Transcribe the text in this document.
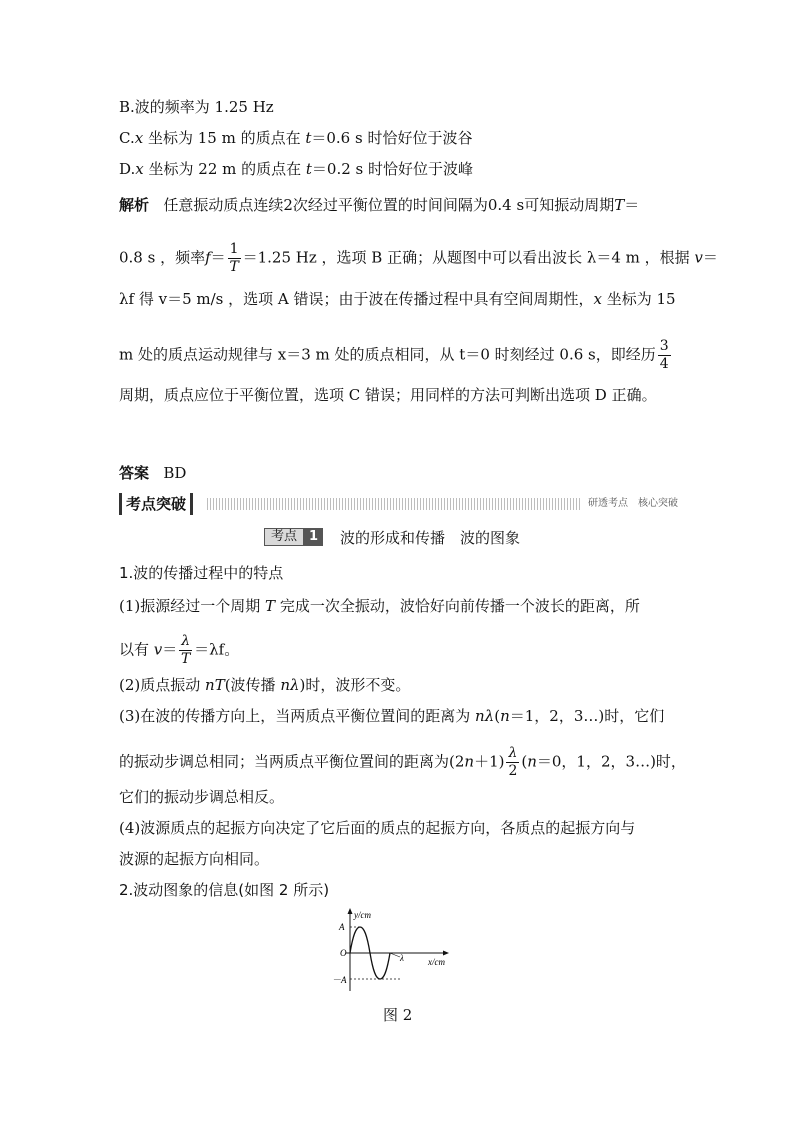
B.波的频率为 1.25 Hz
C.x 坐标为 15 m 的质点在 t＝0.6 s 时恰好位于波谷
D.x 坐标为 22 m 的质点在 t＝0.2 s 时恰好位于波峰
解析 任意振动质点连续2次经过平衡位置的时间间隔为0.4 s可知振动周期T＝
0.8 s ，频率$f= \frac{1}{T} =1.25$ Hz ，选项 B 正确；从题图中可以看出波长 λ＝4 m ，根据 v＝
λf 得 v＝5 m/s ，选项 A 错误；由于波在传播过程中具有空间周期性，x 坐标为 15
m 处的质点运动规律与 x＝3 m 处的质点相同，从 t＝0 时刻经过 0.6 s，即经历 $\frac{3}{4}$
周期，质点应位于平衡位置，选项 C 错误；用同样的方法可判断出选项 D 正确。
答案 BD
考点突破	研透考点　核心突破
考点 1	波的形成和传播　波的图象
1.波的传播过程中的特点
(1)振源经过一个周期 T 完成一次全振动，波恰好向前传播一个波长的距离，所
以有 $v= \frac{\lambda}{T} =\lambda f$。
(2)质点振动 nT(波传播 nλ)时，波形不变。
(3)在波的传播方向上，当两质点平衡位置间的距离为 nλ(n＝1，2，3…)时，它们
的振动步调总相同；当两质点平衡位置间的距离为$(2n+1) \frac{\lambda}{2} (n=0$，1，2，3…)时，
它们的振动步调总相反。
(4)波源质点的起振方向决定了它后面的质点的起振方向，各质点的起振方向与
波源的起振方向相同。
2.波动图象的信息(如图 2 所示)
y/cm
x/cm
A
－A
O	λ
图 2
